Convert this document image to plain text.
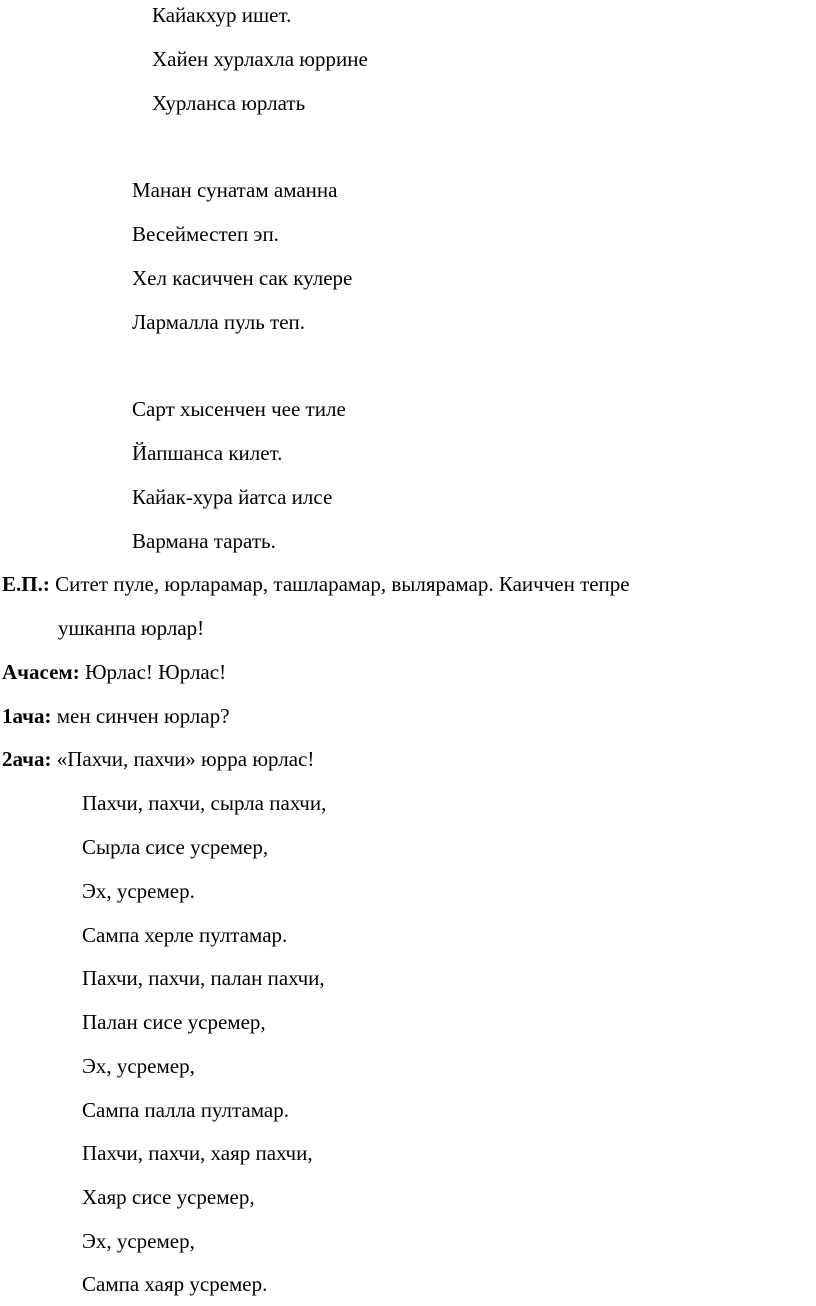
Кайакхур ишет.
Хайен хурлахла юррине
Хурланса юрлать
Манан сунатам аманна
Весейместеп эп.
Хел касиччен сак кулере
Лармалла пуль теп.
Сарт хысенчен чее тиле
Йапшанса килет.
Кайак-хура йатса илсе
Вармана тарать.
Е.П.: Ситет пуле, юрларамар, ташларамар, вылярамар. Каиччен тепре
ушканпа юрлар!
Ачасем: Юрлас! Юрлас!
1ача: мен синчен юрлар?
2ача: «Пахчи, пахчи» юрра юрлас!
Пахчи, пахчи, сырла пахчи,
Сырла сисе усремер,
Эх, усремер.
Сампа херле пултамар.
Пахчи, пахчи, палан пахчи,
Палан сисе усремер,
Эх, усремер,
Сампа палла пултамар.
Пахчи, пахчи, хаяр пахчи,
Хаяр сисе усремер,
Эх, усремер,
Сампа хаяр усремер.
